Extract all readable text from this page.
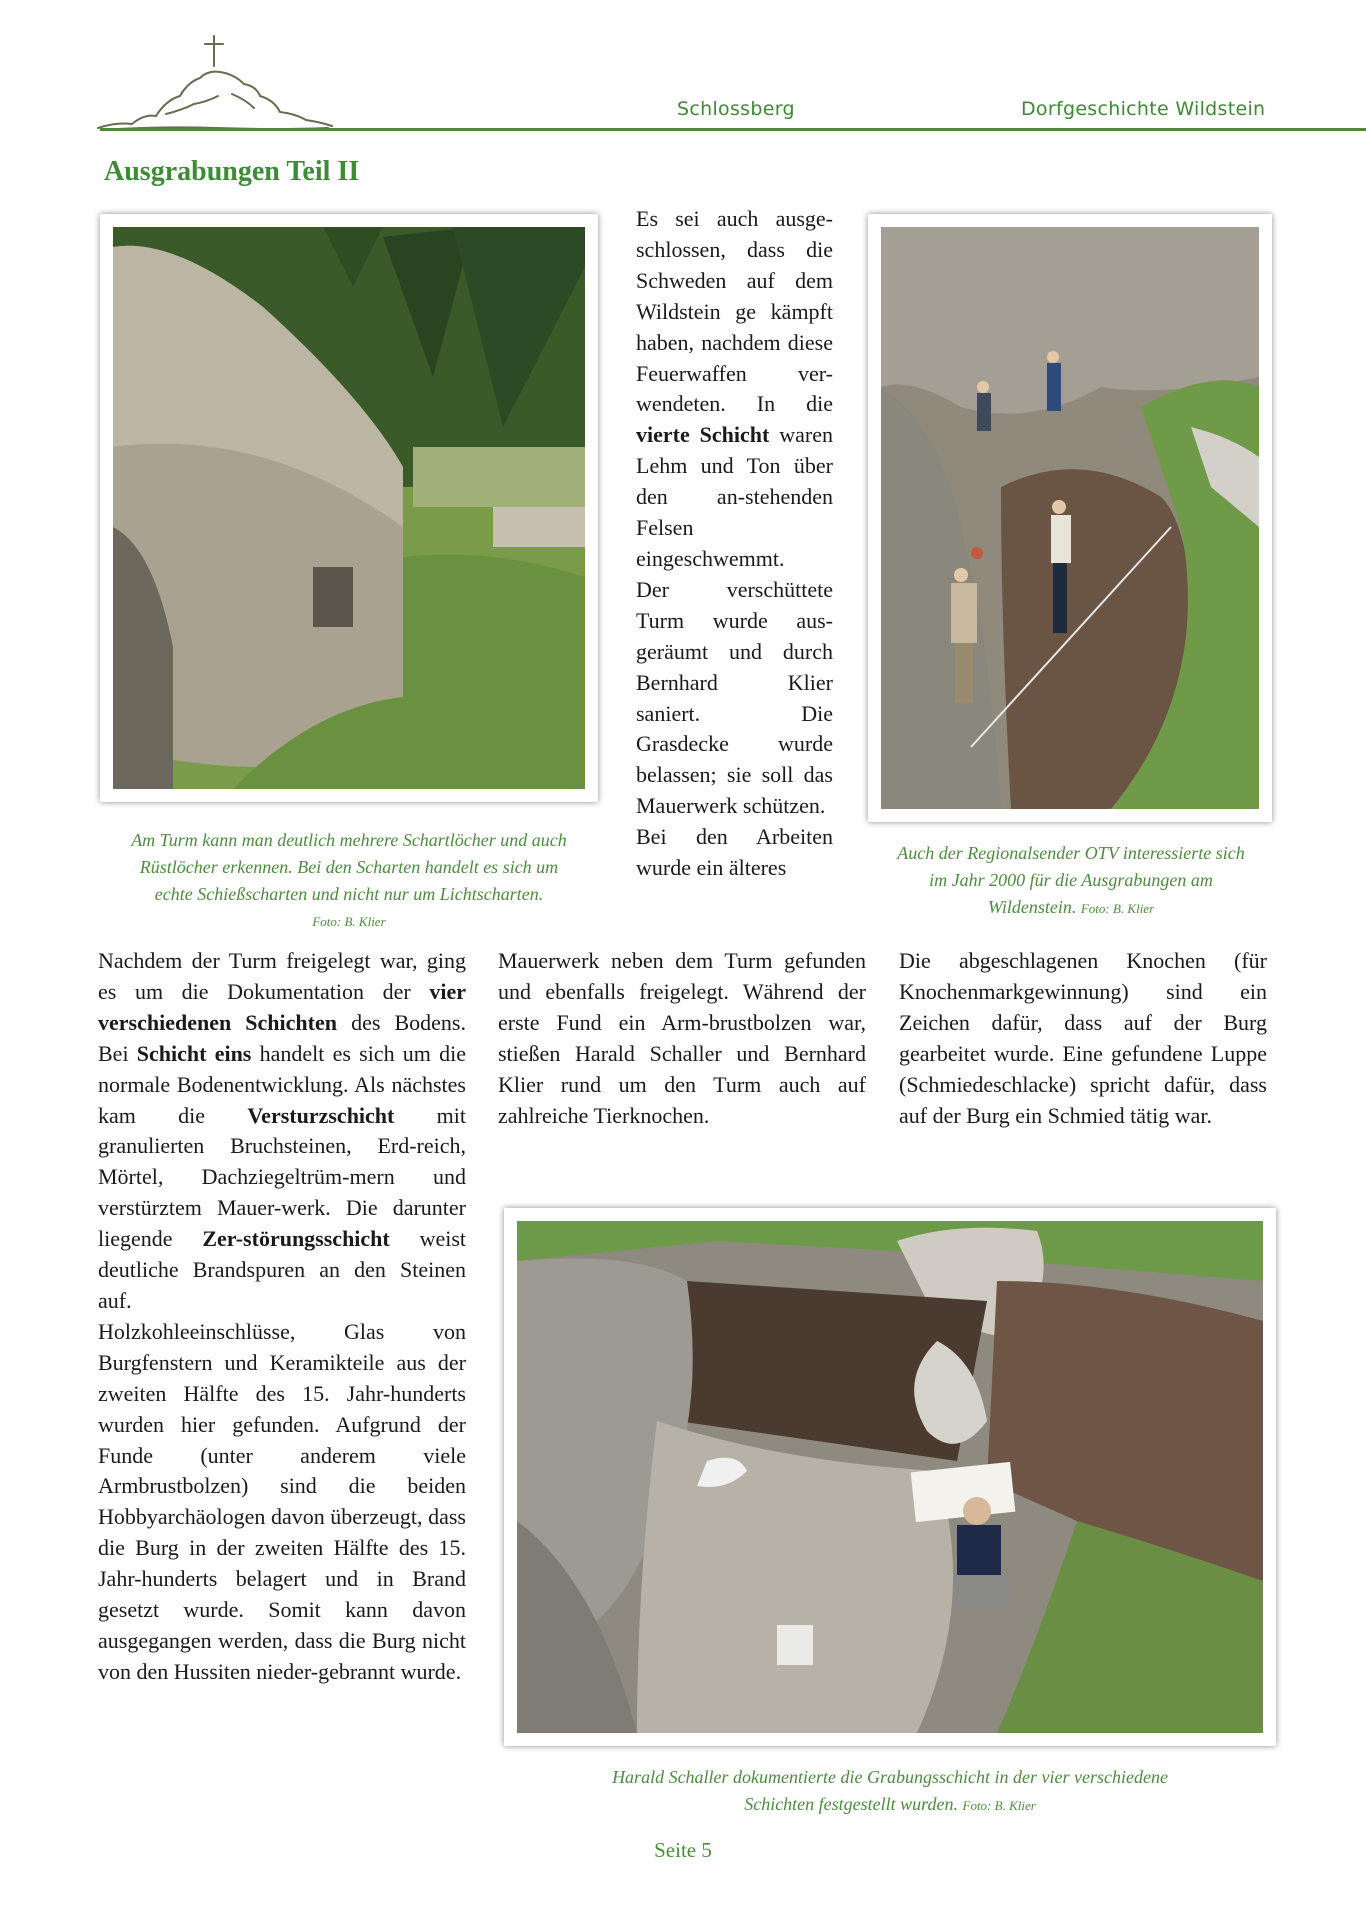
Schlossberg	Dorfgeschichte Wildstein
Ausgrabungen Teil II
Am Turm kann man deutlich mehrere Schartlöcher und auch
Rüstlöcher erkennen. Bei den Scharten handelt es sich um
echte Schießscharten und nicht nur um Lichtscharten.
Foto: B. Klier
Auch der Regionalsender OTV interessierte sich
im Jahr 2000 für die Ausgrabungen am
Wildenstein. Foto: B. Klier
Harald Schaller dokumentierte die Grabungsschicht in der vier verschiedene
Schichten festgestellt wurden. Foto: B. Klier

Es sei auch ausge-schlossen, dass die Schweden auf dem Wildstein ge kämpft haben, nachdem diese Feuerwaffen ver-wendeten. In die vierte Schicht waren Lehm und Ton über den an-stehenden Felsen eingeschwemmt.

Der verschüttete Turm wurde aus-geräumt und durch Bernhard Klier saniert. Die Grasdecke wurde belassen; sie soll das Mauerwerk schützen.

Bei den Arbeiten wurde ein älteres

Nachdem der Turm freigelegt war, ging es um die Dokumentation der vier verschiedenen Schichten des Bodens. Bei Schicht eins handelt es sich um die normale Bodenentwicklung. Als nächstes kam die Versturzschicht mit granulierten Bruchsteinen, Erd-reich, Mörtel, Dachziegeltrüm-mern und verstürztem Mauer-werk. Die darunter liegende Zer-störungsschicht weist deutliche Brandspuren an den Steinen auf.

Holzkohleeinschlüsse, Glas von Burgfenstern und Keramikteile aus der zweiten Hälfte des 15. Jahr-hunderts wurden hier gefunden. Aufgrund der Funde (unter anderem viele Armbrustbolzen) sind die beiden Hobbyarchäologen davon überzeugt, dass die Burg in der zweiten Hälfte des 15. Jahr-hunderts belagert und in Brand gesetzt wurde. Somit kann davon ausgegangen werden, dass die Burg nicht von den Hussiten nieder-gebrannt wurde.

Mauerwerk neben dem Turm gefunden und ebenfalls freigelegt. Während der erste Fund ein Arm-brustbolzen war, stießen Harald Schaller und Bernhard Klier rund um den Turm auch auf zahlreiche Tierknochen.

Die abgeschlagenen Knochen (für Knochenmarkgewinnung) sind ein Zeichen dafür, dass auf der Burg gearbeitet wurde. Eine gefundene Luppe (Schmiedeschlacke) spricht dafür, dass auf der Burg ein Schmied tätig war.

Seite 5
